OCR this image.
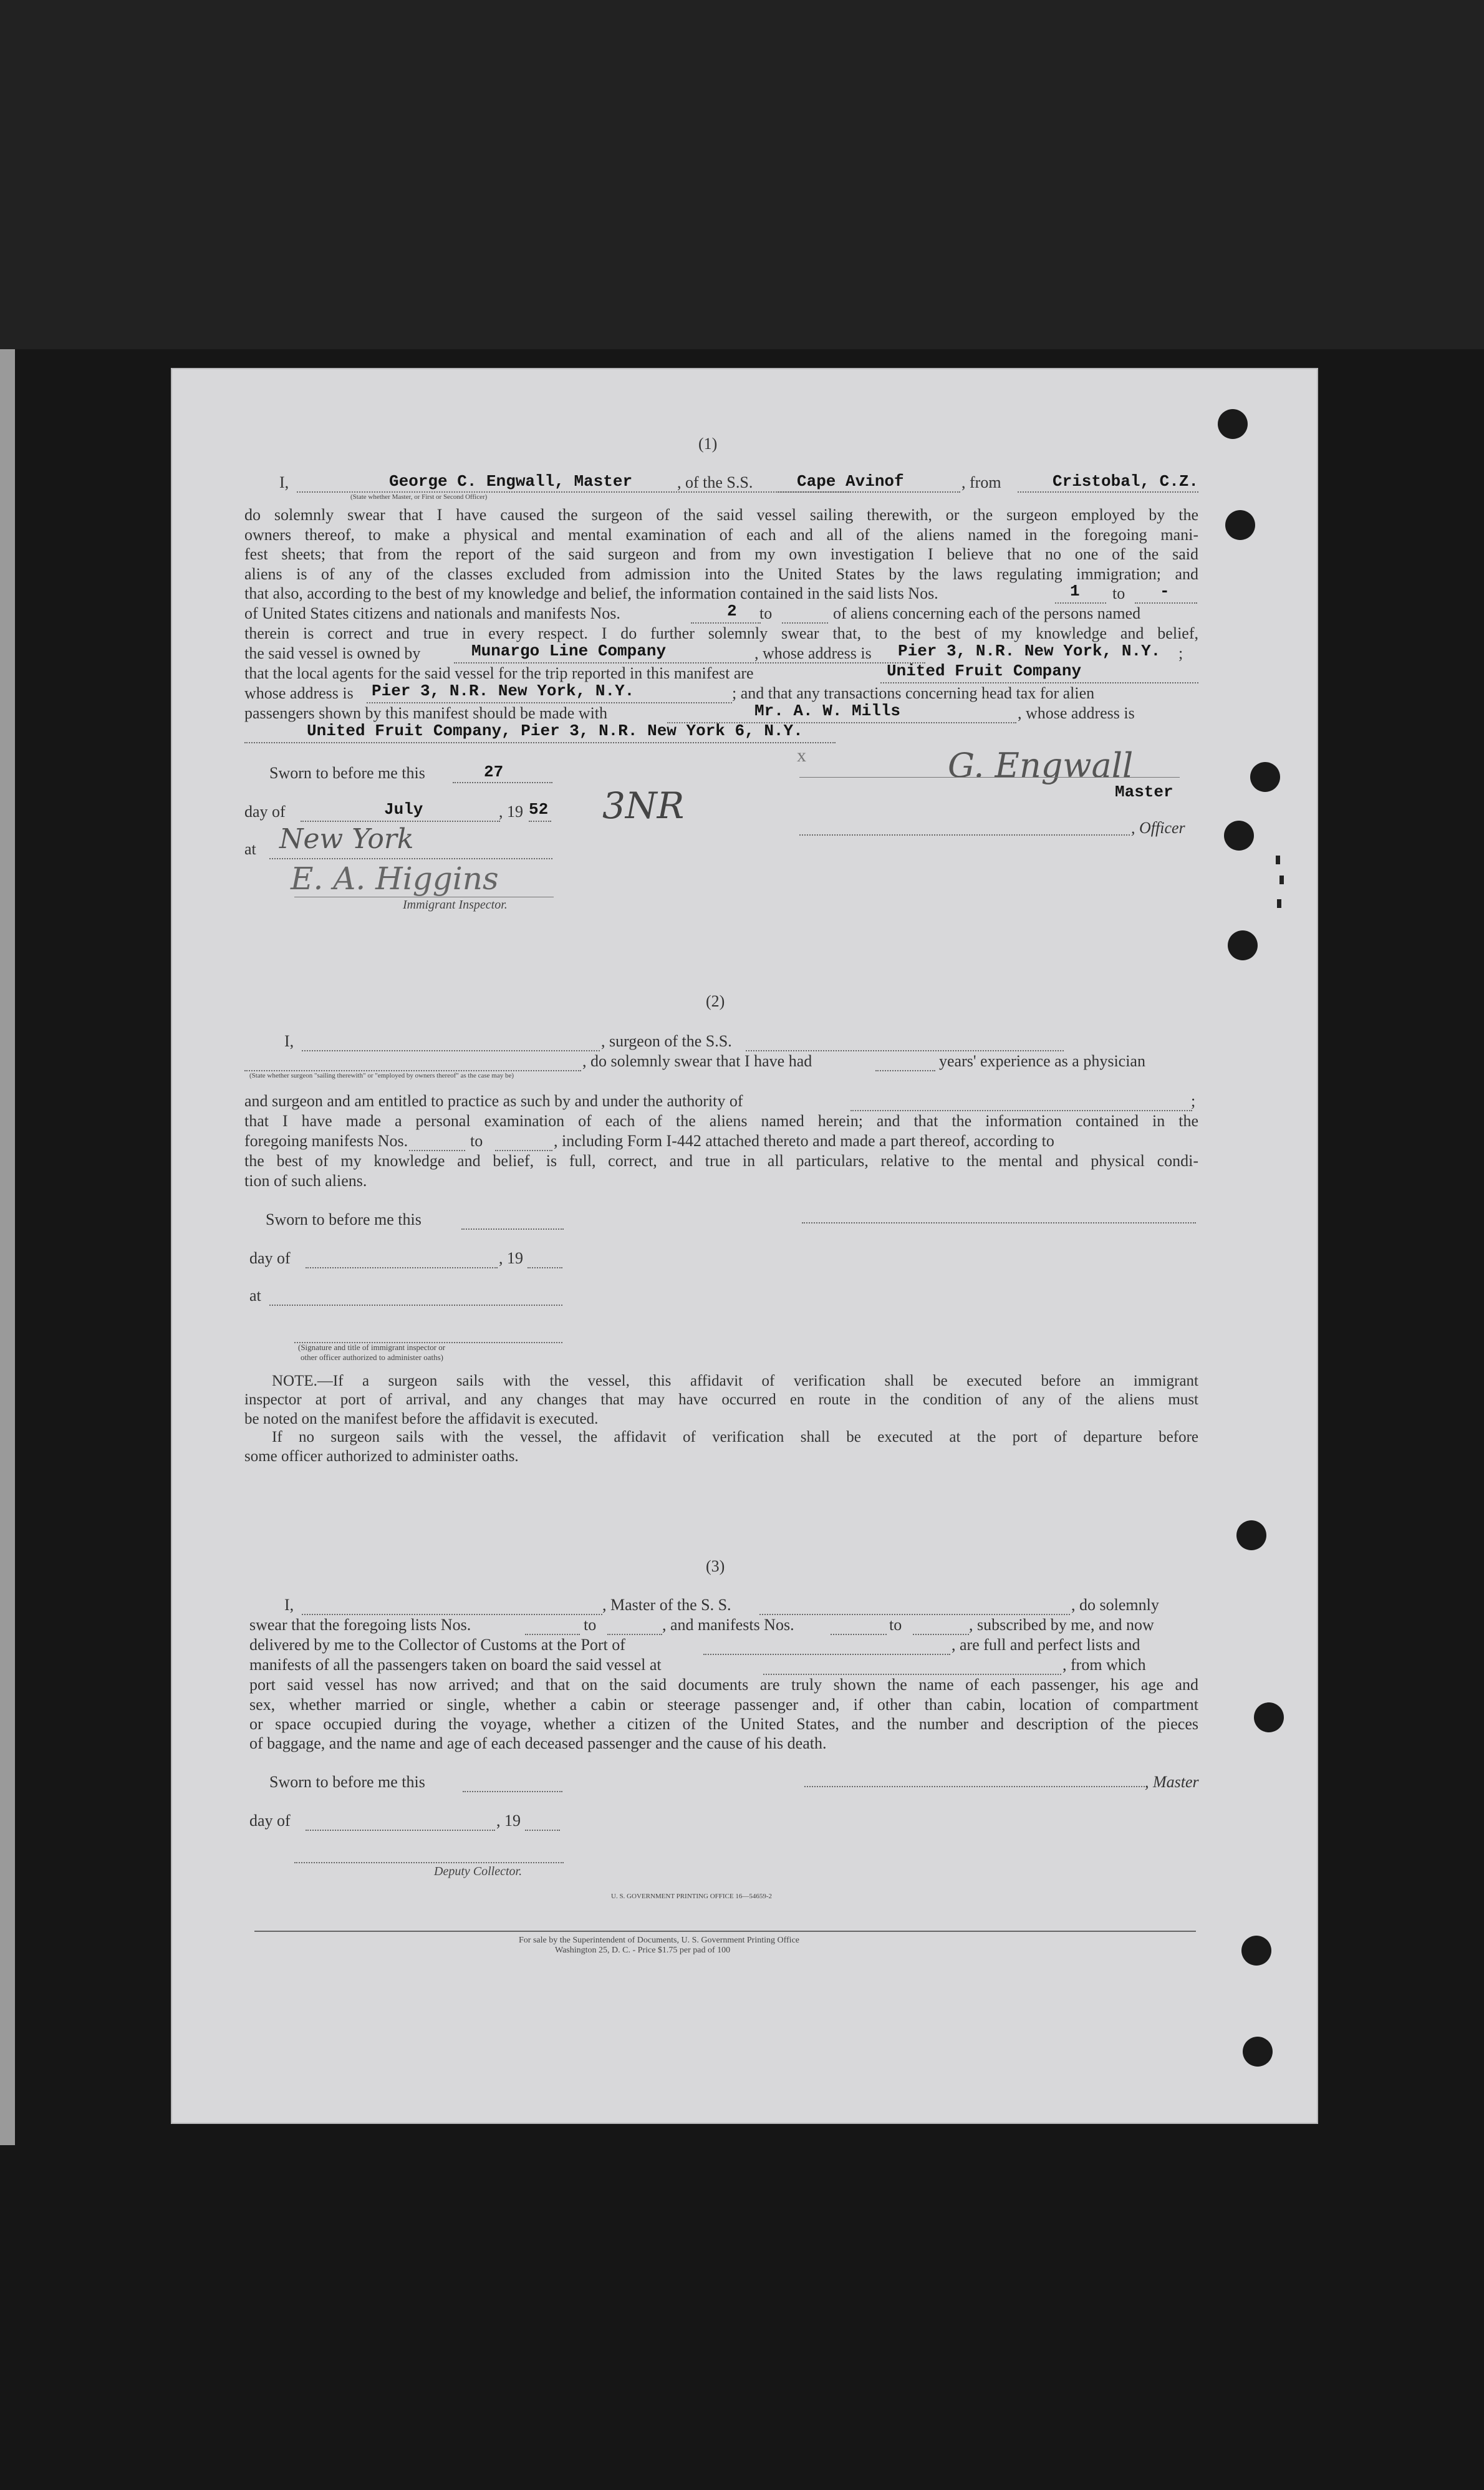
(1)
I,	George C. Engwall, Master	, of the S.S.	Cape Avinof	, from	Cristobal, C.Z.
(State whether Master, or First or Second Officer)
do solemnly swear that I have caused the surgeon of the said vessel sailing therewith, or the surgeon employed by the
owners thereof, to make a physical and mental examination of each and all of the aliens named in the foregoing mani-
fest sheets; that from the report of the said surgeon and from my own investigation I believe that no one of the said
aliens is of any of the classes excluded from admission into the United States by the laws regulating immigration; and
that also, according to the best of my knowledge and belief, the information contained in the said lists Nos.	1 to -
of United States citizens and nationals and manifests Nos.	2 to	of aliens concerning each of the persons named
therein is correct and true in every respect. I do further solemnly swear that, to the best of my knowledge and belief,
the said vessel is owned by	Munargo Line Company	, whose address is Pier 3, N.R. New York, N.Y. ;
that the local agents for the said vessel for the trip reported in this manifest are	United Fruit Company
whose address is Pier 3, N.R. New York, N.Y.	; and that any transactions concerning head tax for alien
passengers shown by this manifest should be made with	Mr. A. W. Mills	, whose address is
United Fruit Company, Pier 3, N.R. New York 6, N.Y.
Sworn to before me this	27
day of	July	, 19 52
at New York
E. A. Higgins
Immigrant Inspector.
3NR
x	G. Engwall
Master
, Officer
(2)
I,	, surgeon of the S.S.
, do solemnly swear that I have had	years' experience as a physician
(State whether surgeon "sailing therewith" or "employed by owners thereof" as the case may be)
and surgeon and am entitled to practice as such by and under the authority of	;
that I have made a personal examination of each of the aliens named herein; and that the information contained in the
foregoing manifests Nos.	to	, including Form I-442 attached thereto and made a part thereof, according to
the best of my knowledge and belief, is full, correct, and true in all particulars, relative to the mental and physical condi-
tion of such aliens.
Sworn to before me this
day of	, 19
at
(Signature and title of immigrant inspector or
other officer authorized to administer oaths)
NOTE.—If a surgeon sails with the vessel, this affidavit of verification shall be executed before an immigrant
inspector at port of arrival, and any changes that may have occurred en route in the condition of any of the aliens must
be noted on the manifest before the affidavit is executed.
If no surgeon sails with the vessel, the affidavit of verification shall be executed at the port of departure before
some officer authorized to administer oaths.
(3)
I,	, Master of the S. S.	, do solemnly
swear that the foregoing lists Nos.	to	, and manifests Nos.	to	, subscribed by me, and now
delivered by me to the Collector of Customs at the Port of	, are full and perfect lists and
manifests of all the passengers taken on board the said vessel at	, from which
port said vessel has now arrived; and that on the said documents are truly shown the name of each passenger, his age and
sex, whether married or single, whether a cabin or steerage passenger and, if other than cabin, location of compartment
or space occupied during the voyage, whether a citizen of the United States, and the number and description of the pieces
of baggage, and the name and age of each deceased passenger and the cause of his death.
Sworn to before me this	, Master
day of	, 19
Deputy Collector.
U. S. GOVERNMENT PRINTING OFFICE 16—54659-2
For sale by the Superintendent of Documents, U. S. Government Printing Office
Washington 25, D. C. - Price $1.75 per pad of 100
